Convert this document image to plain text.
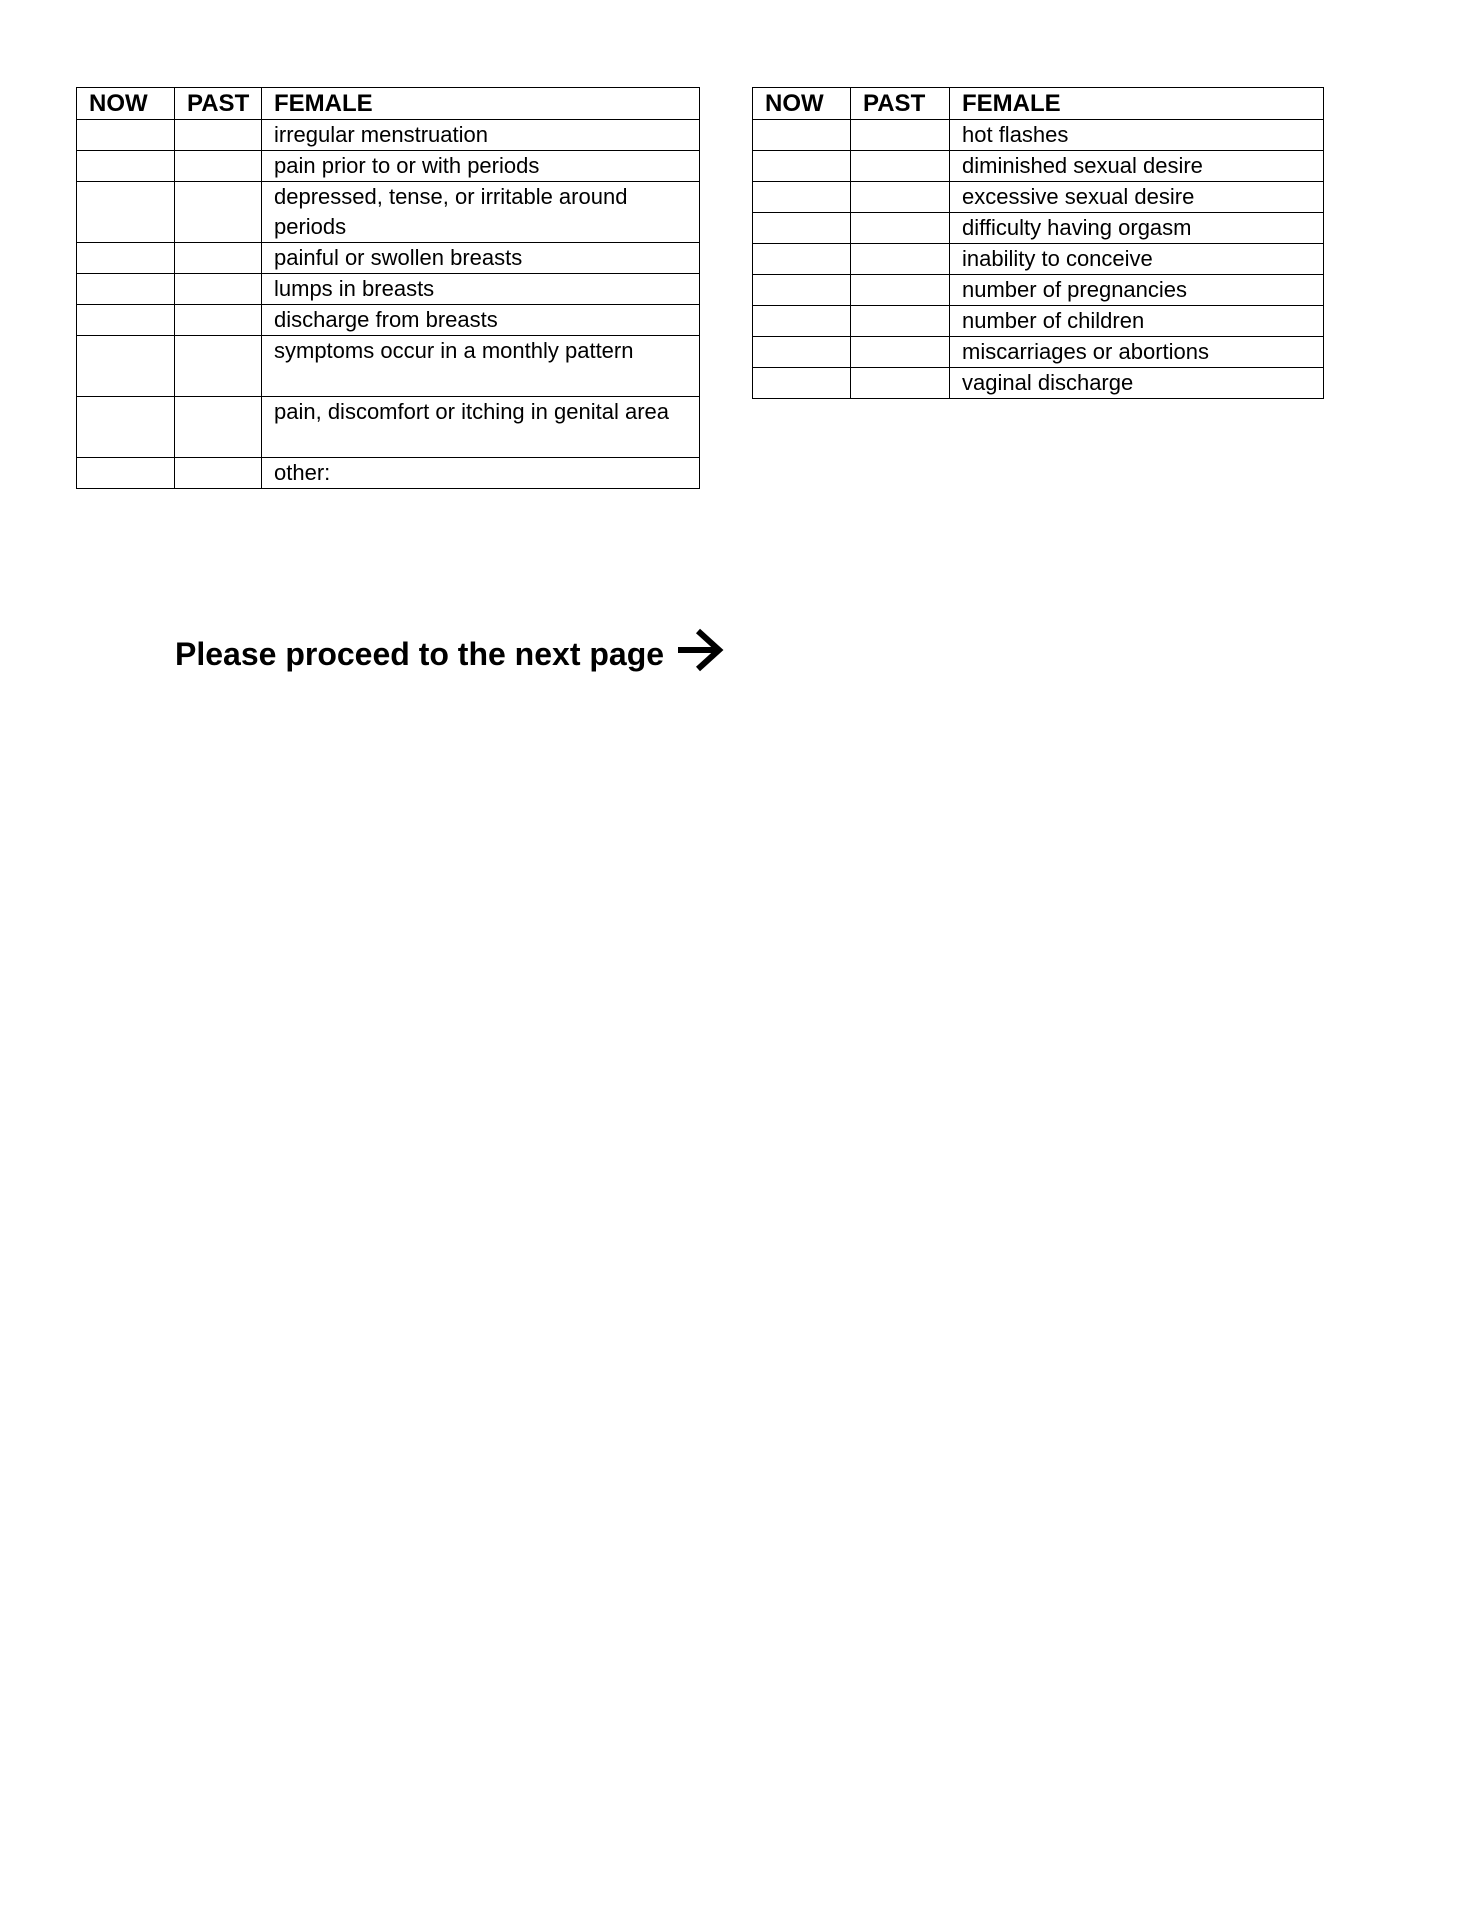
NOW	PAST	FEMALE
		irregular menstruation
		pain prior to or with periods
		depressed, tense, or irritable around periods
		painful or swollen breasts
		lumps in breasts
		discharge from breasts
		symptoms occur in a monthly pattern
		pain, discomfort or itching in genital area
		other:
NOW	PAST	FEMALE
		hot flashes
		diminished sexual desire
		excessive sexual desire
		difficulty having orgasm
		inability to conceive
		number of pregnancies
		number of children
		miscarriages or abortions
		vaginal discharge
Please proceed to the next page
